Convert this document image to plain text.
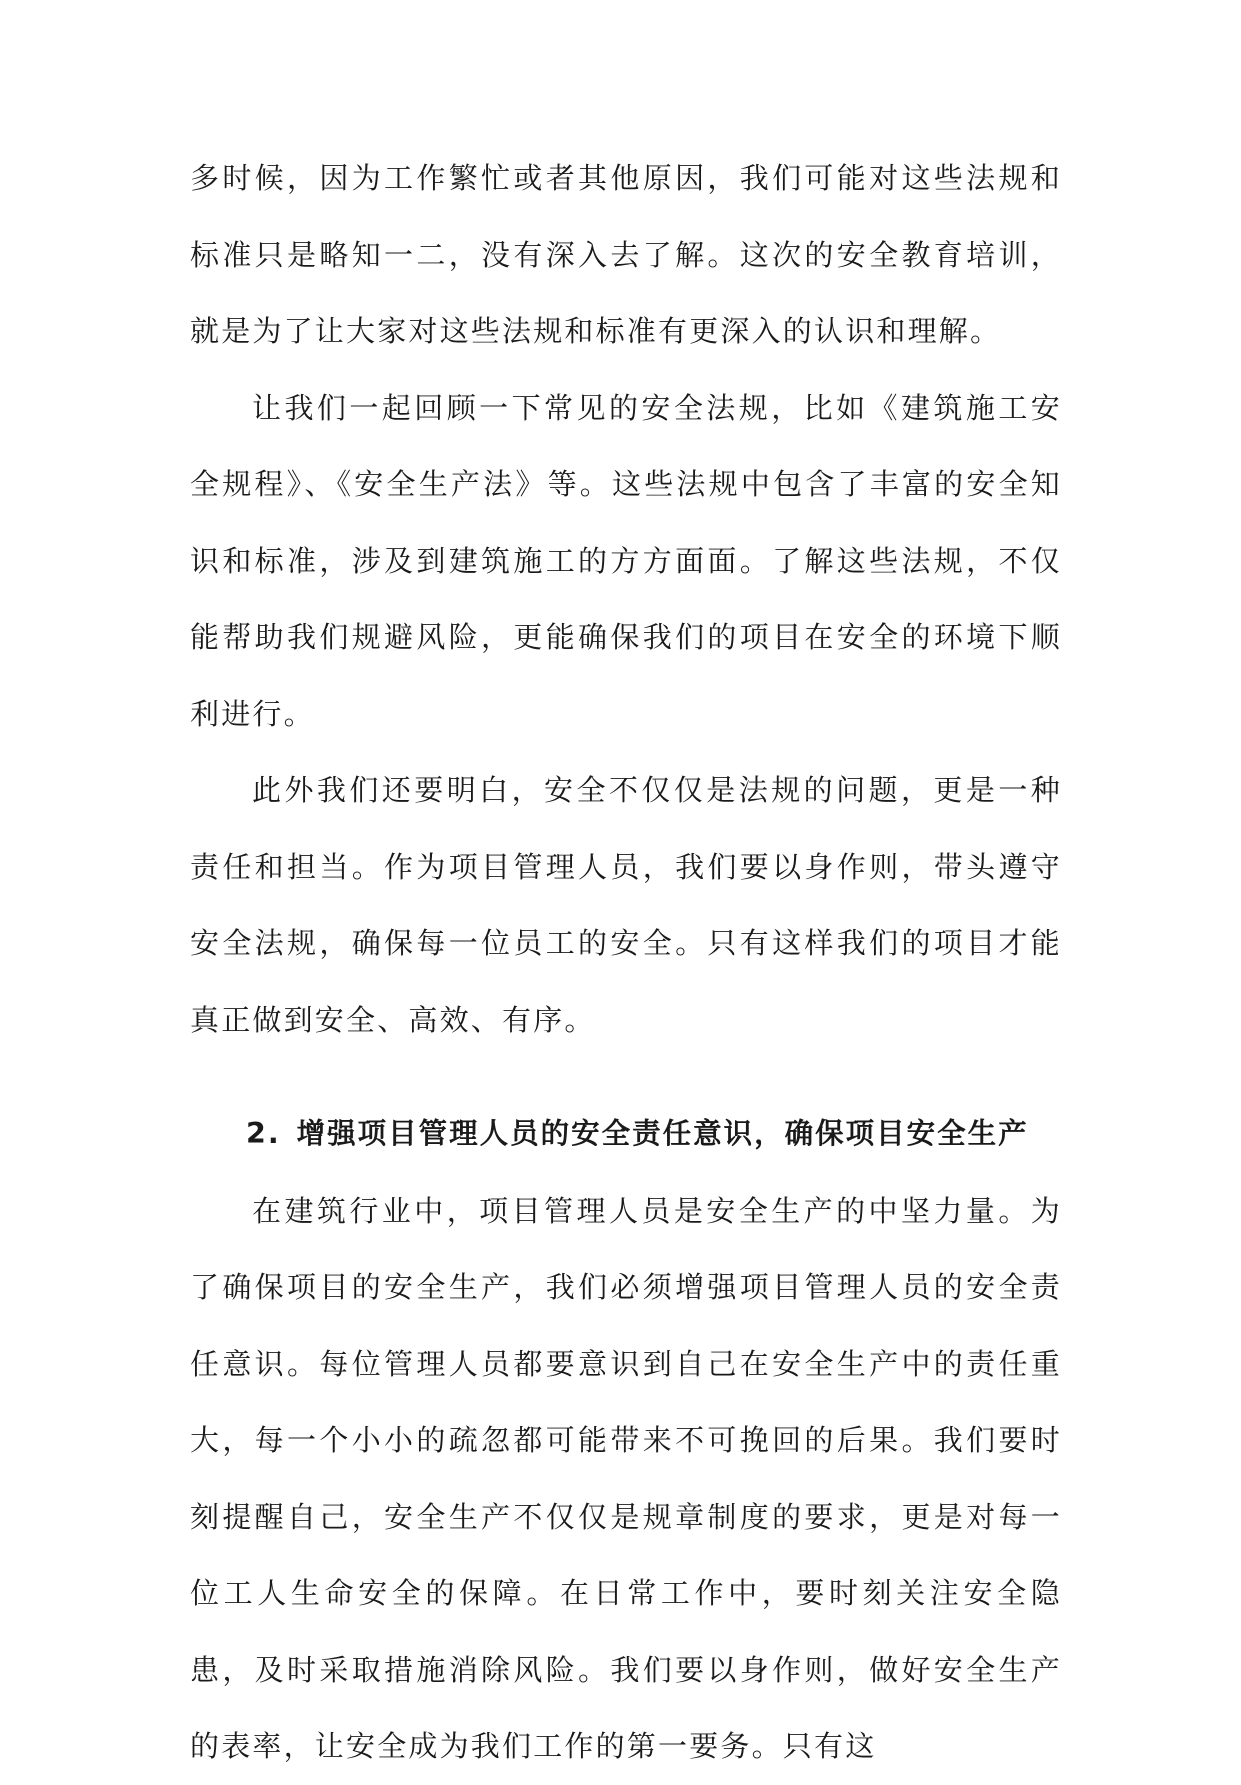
多时候，因为工作繁忙或者其他原因，我们可能对这些法规和标准只是略知一二，没有深入去了解。这次的安全教育培训，就是为了让大家对这些法规和标准有更深入的认识和理解。

让我们一起回顾一下常见的安全法规，比如《建筑施工安全规程》、《安全生产法》等。这些法规中包含了丰富的安全知识和标准，涉及到建筑施工的方方面面。了解这些法规，不仅能帮助我们规避风险，更能确保我们的项目在安全的环境下顺利进行。

此外我们还要明白，安全不仅仅是法规的问题，更是一种责任和担当。作为项目管理人员，我们要以身作则，带头遵守安全法规，确保每一位员工的安全。只有这样我们的项目才能真正做到安全、高效、有序。

2. 增强项目管理人员的安全责任意识，确保项目安全生产

在建筑行业中，项目管理人员是安全生产的中坚力量。为了确保项目的安全生产，我们必须增强项目管理人员的安全责任意识。每位管理人员都要意识到自己在安全生产中的责任重大，每一个小小的疏忽都可能带来不可挽回的后果。我们要时刻提醒自己，安全生产不仅仅是规章制度的要求，更是对每一位工人生命安全的保障。在日常工作中，要时刻关注安全隐患，及时采取措施消除风险。我们要以身作则，做好安全生产的表率，让安全成为我们工作的第一要务。只有这
